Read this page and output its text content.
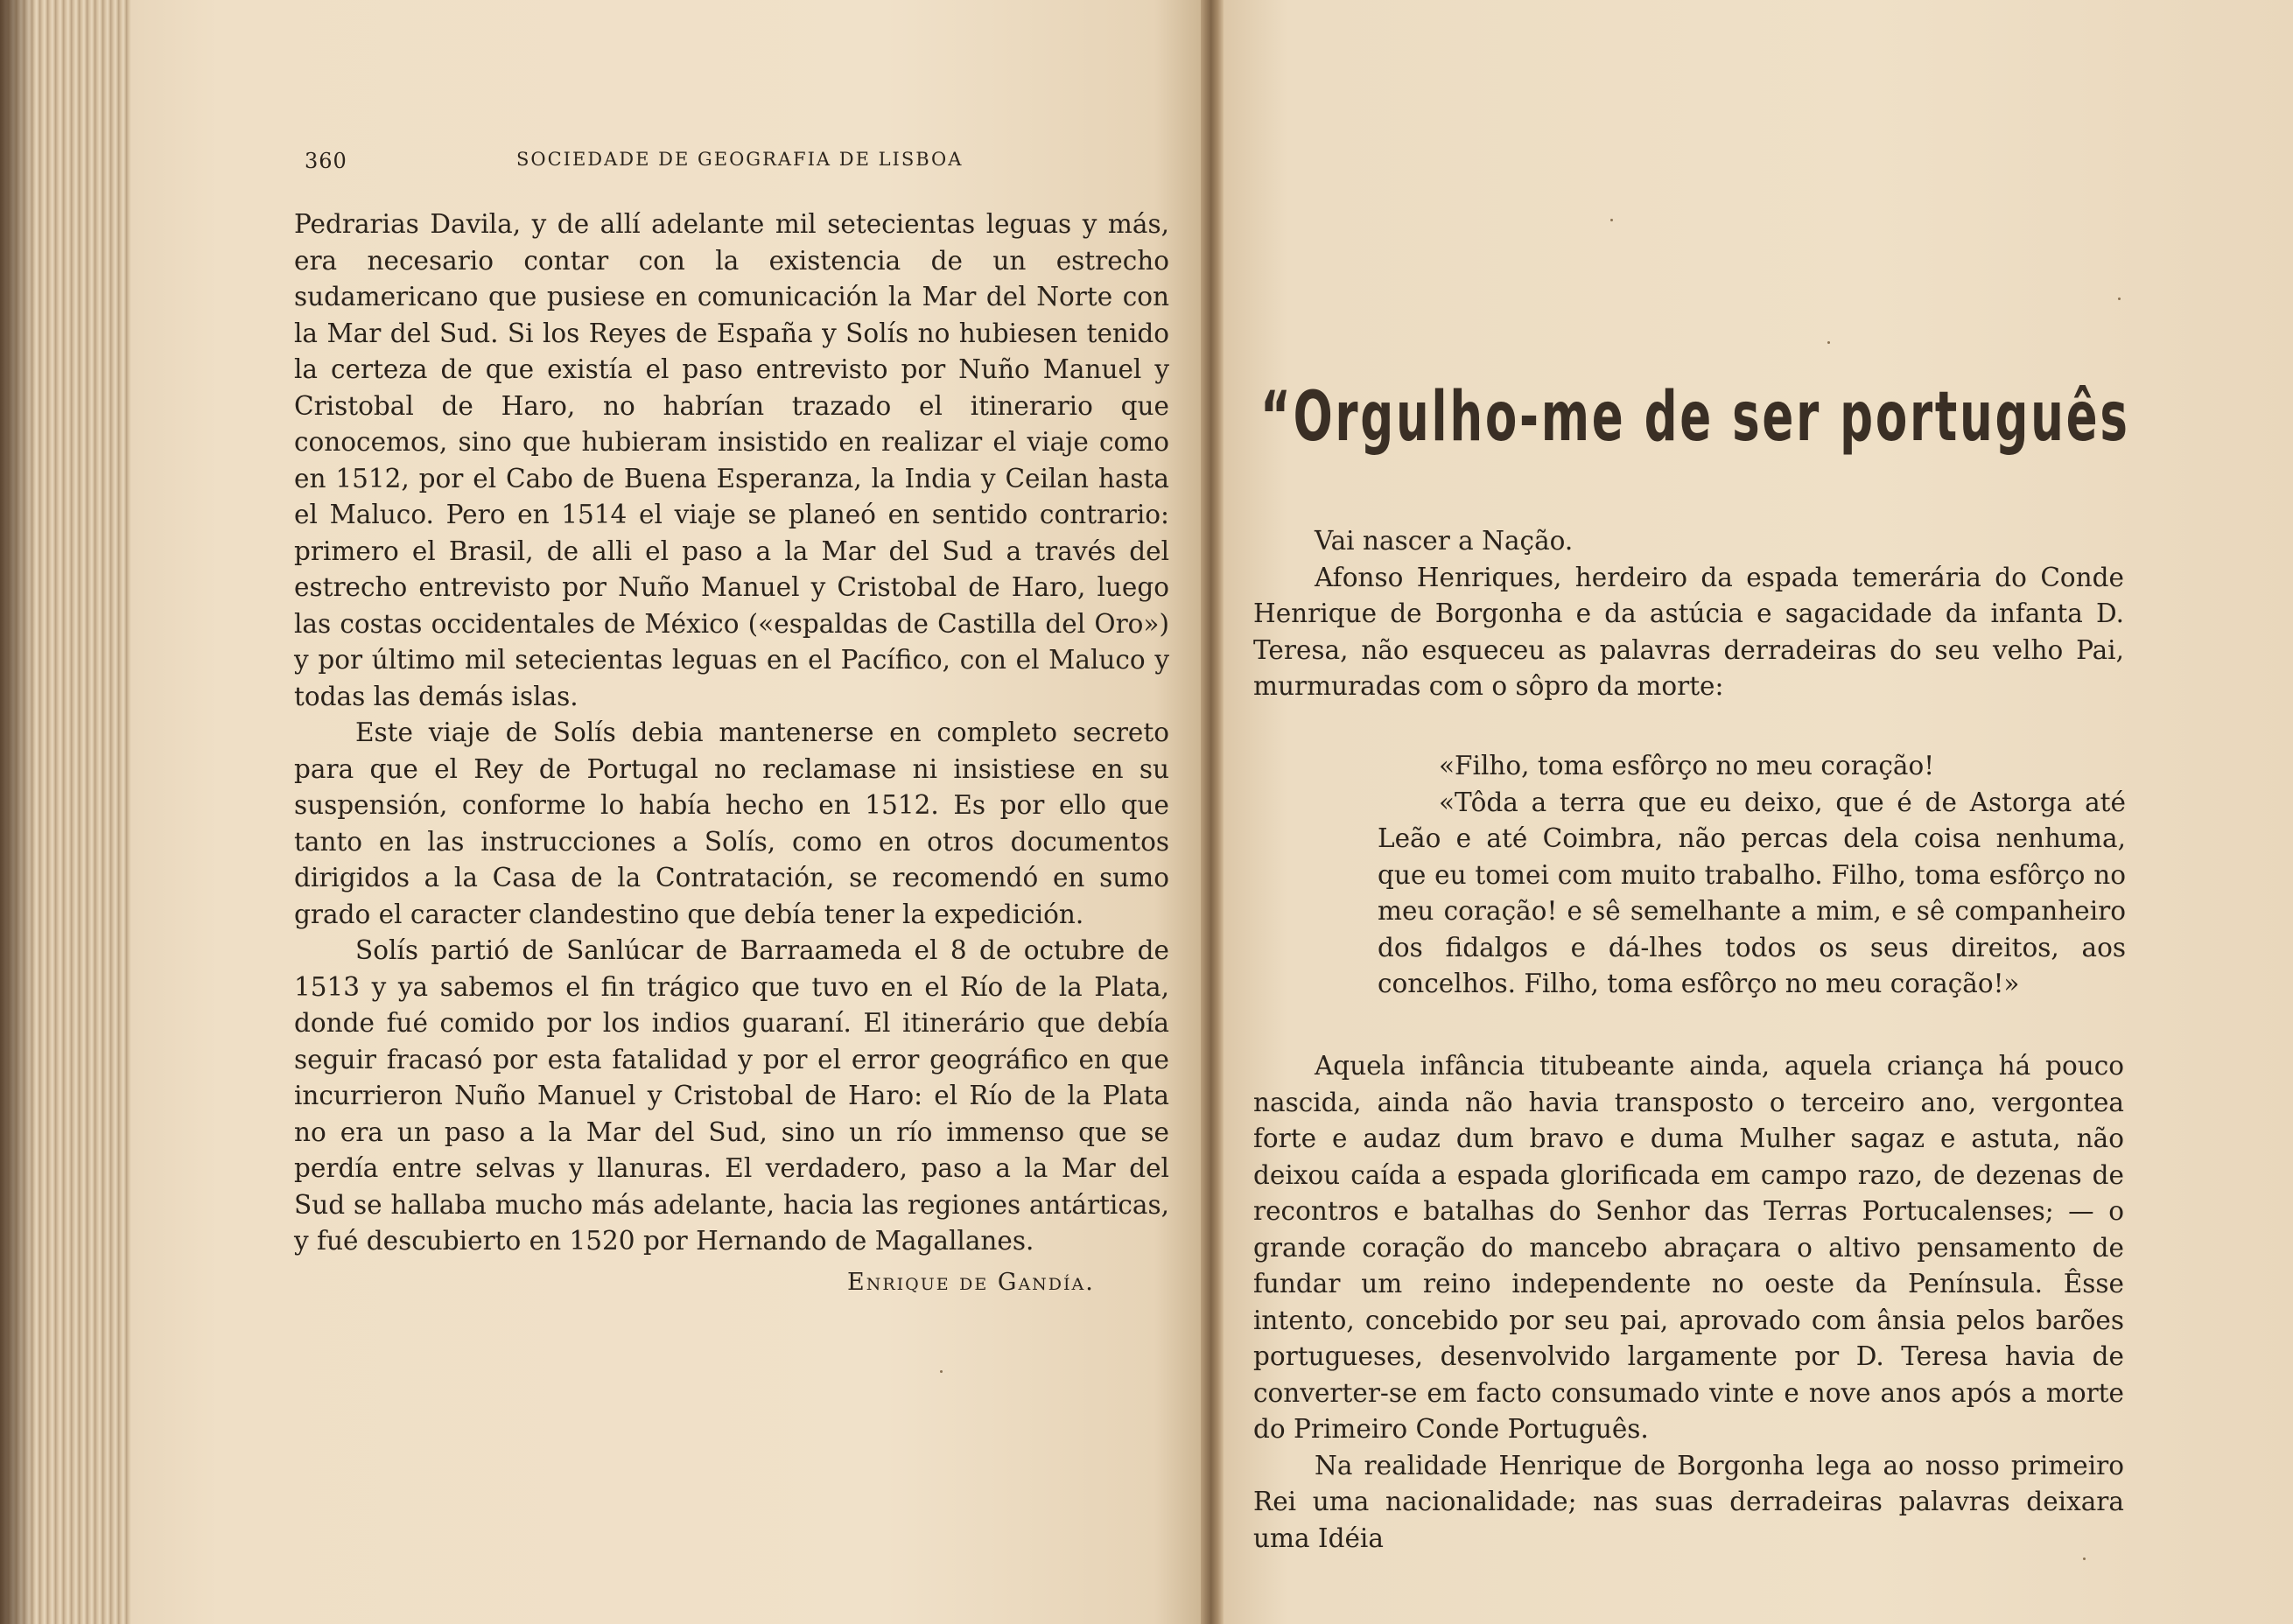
360	SOCIEDADE DE GEOGRAFIA DE LISBOA

Pedrarias Davila, y de allí adelante mil setecientas leguas y más, era necesario contar con la existencia de un estrecho sudamericano que pusiese en comunicación la Mar del Norte con la Mar del Sud. Si los Reyes de España y Solís no hubiesen tenido la certeza de que existía el paso entrevisto por Nuño Manuel y Cristobal de Haro, no habrían trazado el itinerario que conocemos, sino que hubieram insistido en realizar el viaje como en 1512, por el Cabo de Buena Esperanza, la India y Ceilan hasta el Maluco. Pero en 1514 el viaje se planeó en sentido contrario: primero el Brasil, de alli el paso a la Mar del Sud a través del estrecho entrevisto por Nuño Manuel y Cristobal de Haro, luego las costas occidentales de México («espaldas de Castilla del Oro») y por último mil setecientas leguas en el Pacífico, con el Maluco y todas las demás islas.

Este viaje de Solís debia mantenerse en completo secreto para que el Rey de Portugal no reclamase ni insistiese en su suspensión, conforme lo había hecho en 1512. Es por ello que tanto en las instrucciones a Solís, como en otros documentos dirigidos a la Casa de la Contratación, se recomendó en sumo grado el caracter clandestino que debía tener la expedición.

Solís partió de Sanlúcar de Barraameda el 8 de octubre de 1513 y ya sabemos el fin trágico que tuvo en el Río de la Plata, donde fué comido por los indios guaraní. El itinerário que debía seguir fracasó por esta fatalidad y por el error geográfico en que incurrieron Nuño Manuel y Cristobal de Haro: el Río de la Plata no era un paso a la Mar del Sud, sino un río immenso que se perdía entre selvas y llanuras. El verdadero, paso a la Mar del Sud se hallaba mucho más adelante, hacia las regiones antárticas, y fué descubierto en 1520 por Hernando de Magallanes.

Enrique de Gandía.
“Orgulho-me de ser português

Vai nascer a Nação.

Afonso Henriques, herdeiro da espada temerária do Conde Henrique de Borgonha e da astúcia e sagacidade da infanta D. Teresa, não esqueceu as palavras derradeiras do seu velho Pai, murmuradas com o sôpro da morte:

«Filho, toma esfôrço no meu coração!

«Tôda a terra que eu deixo, que é de Astorga até Leão e até Coimbra, não percas dela coisa nenhuma, que eu tomei com muito trabalho. Filho, toma esfôrço no meu coração! e sê semelhante a mim, e sê companheiro dos fidalgos e dá-lhes todos os seus direitos, aos concelhos. Filho, toma esfôrço no meu coração!»

Aquela infância titubeante ainda, aquela criança há pouco nascida, ainda não havia transposto o terceiro ano, vergontea forte e audaz dum bravo e duma Mulher sagaz e astuta, não deixou caída a espada glorificada em campo razo, de dezenas de recontros e batalhas do Senhor das Terras Portucalenses; — o grande coração do mancebo abraçara o altivo pensamento de fundar um reino independente no oeste da Península. Êsse intento, concebido por seu pai, aprovado com ânsia pelos barões portugueses, desenvolvido largamente por D. Teresa havia de converter-se em facto consumado vinte e nove anos após a morte do Primeiro Conde Português.

Na realidade Henrique de Borgonha lega ao nosso primeiro Rei uma nacionalidade; nas suas derradeiras palavras deixara uma Idéia
